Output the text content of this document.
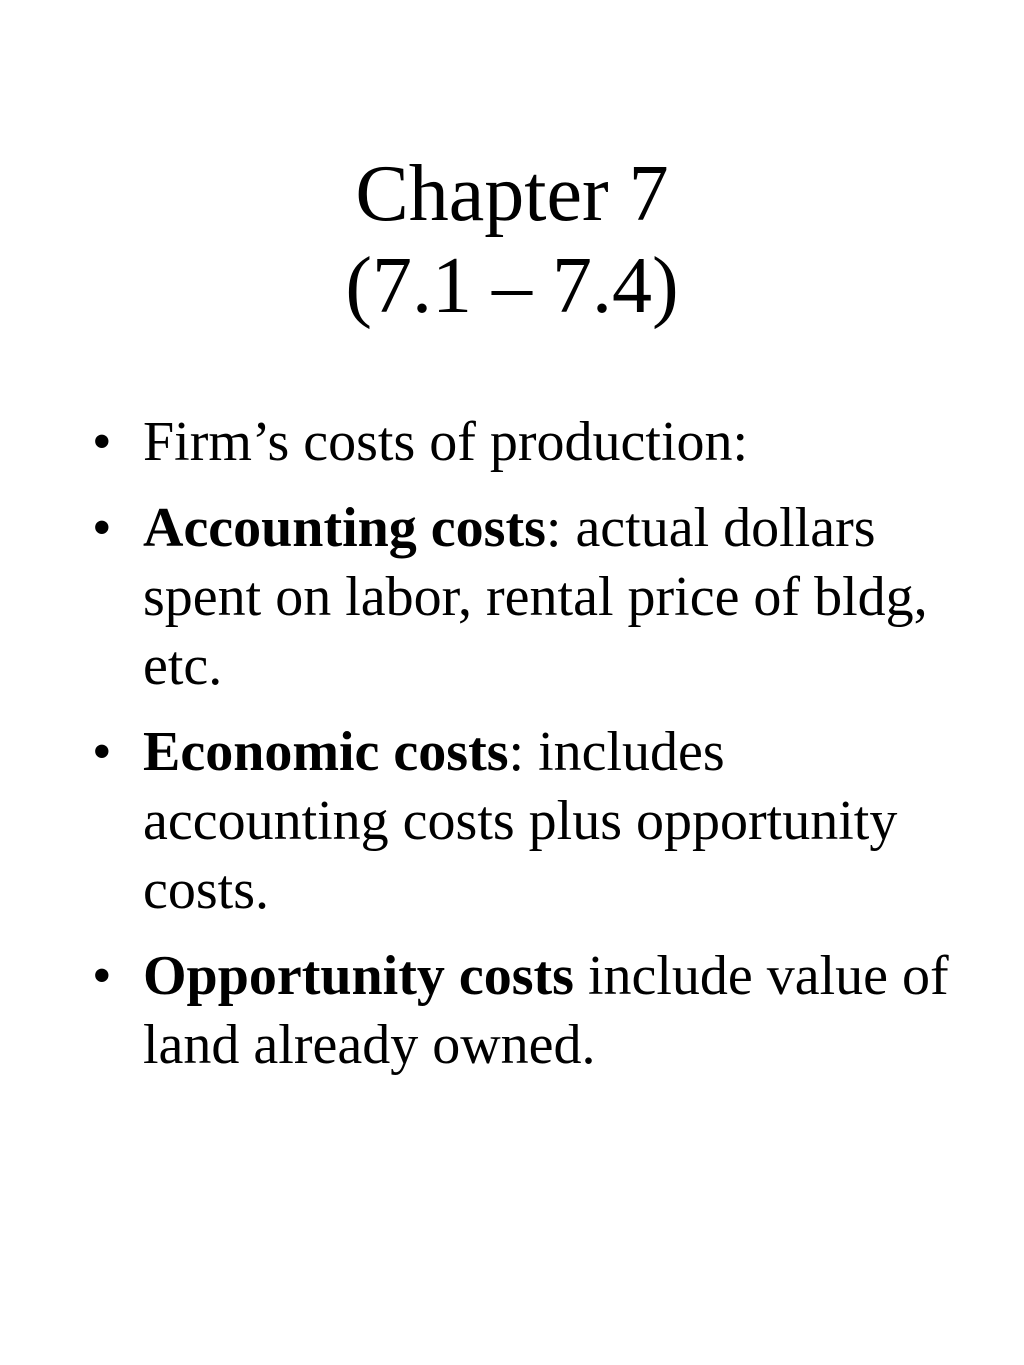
Chapter 7
(7.1 – 7.4)
• Firm’s costs of production:
• Accounting costs: actual dollars spent on labor, rental price of bldg, etc.
• Economic costs: includes accounting costs plus opportunity costs.
• Opportunity costs include value of land already owned.
